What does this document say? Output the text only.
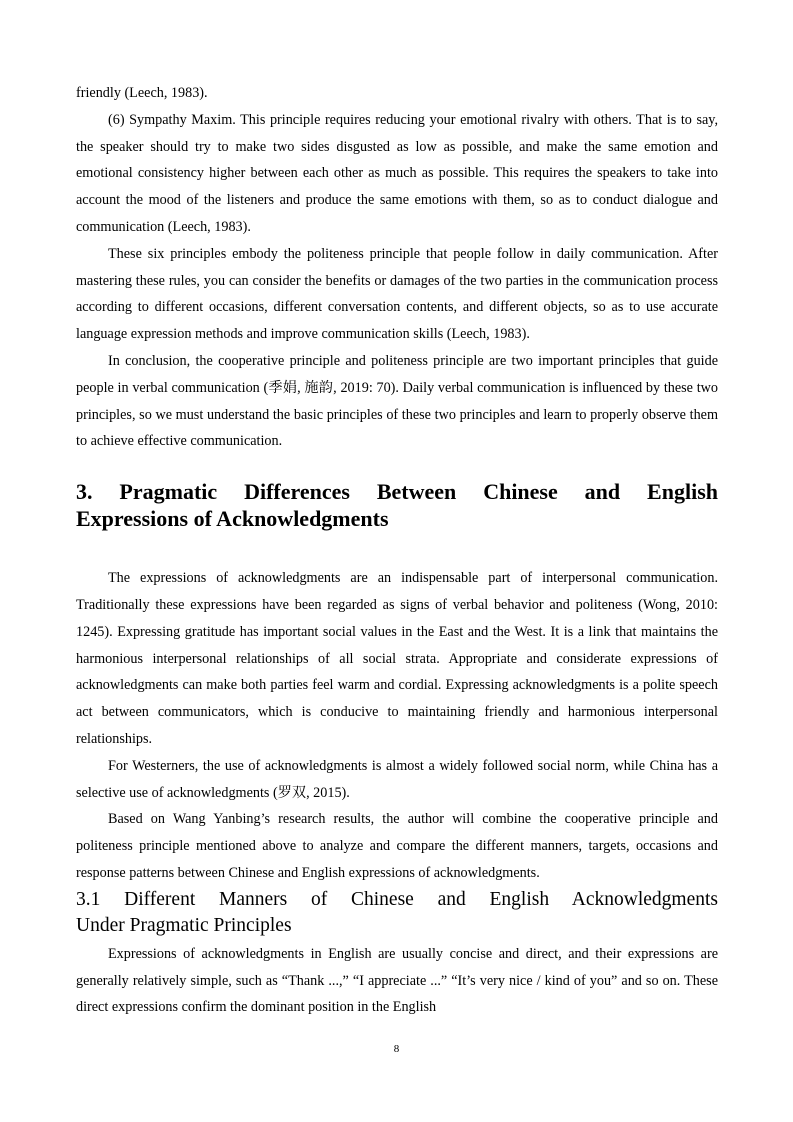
friendly (Leech, 1983).

(6) Sympathy Maxim. This principle requires reducing your emotional rivalry with others. That is to say, the speaker should try to make two sides disgusted as low as possible, and make the same emotion and emotional consistency higher between each other as much as possible. This requires the speakers to take into account the mood of the listeners and produce the same emotions with them, so as to conduct dialogue and communication (Leech, 1983).

These six principles embody the politeness principle that people follow in daily communication. After mastering these rules, you can consider the benefits or damages of the two parties in the communication process according to different occasions, different conversation contents, and different objects, so as to use accurate language expression methods and improve communication skills (Leech, 1983).

In conclusion, the cooperative principle and politeness principle are two important principles that guide people in verbal communication (季娟, 施韵, 2019: 70). Daily verbal communication is influenced by these two principles, so we must understand the basic principles of these two principles and learn to properly observe them to achieve effective communication.

3. Pragmatic Differences Between Chinese and English
Expressions of Acknowledgments

The expressions of acknowledgments are an indispensable part of interpersonal communication. Traditionally these expressions have been regarded as signs of verbal behavior and politeness (Wong, 2010: 1245). Expressing gratitude has important social values in the East and the West. It is a link that maintains the harmonious interpersonal relationships of all social strata. Appropriate and considerate expressions of acknowledgments can make both parties feel warm and cordial. Expressing acknowledgments is a polite speech act between communicators, which is conducive to maintaining friendly and harmonious interpersonal relationships.

For Westerners, the use of acknowledgments is almost a widely followed social norm, while China has a selective use of acknowledgments (罗双, 2015).

Based on Wang Yanbing’s research results, the author will combine the cooperative principle and politeness principle mentioned above to analyze and compare the different manners, targets, occasions and response patterns between Chinese and English expressions of acknowledgments.

3.1 Different Manners of Chinese and English Acknowledgments
Under Pragmatic Principles

Expressions of acknowledgments in English are usually concise and direct, and their expressions are generally relatively simple, such as “Thank ...,” “I appreciate ...” “It’s very nice / kind of you” and so on. These direct expressions confirm the dominant position in the English

8
